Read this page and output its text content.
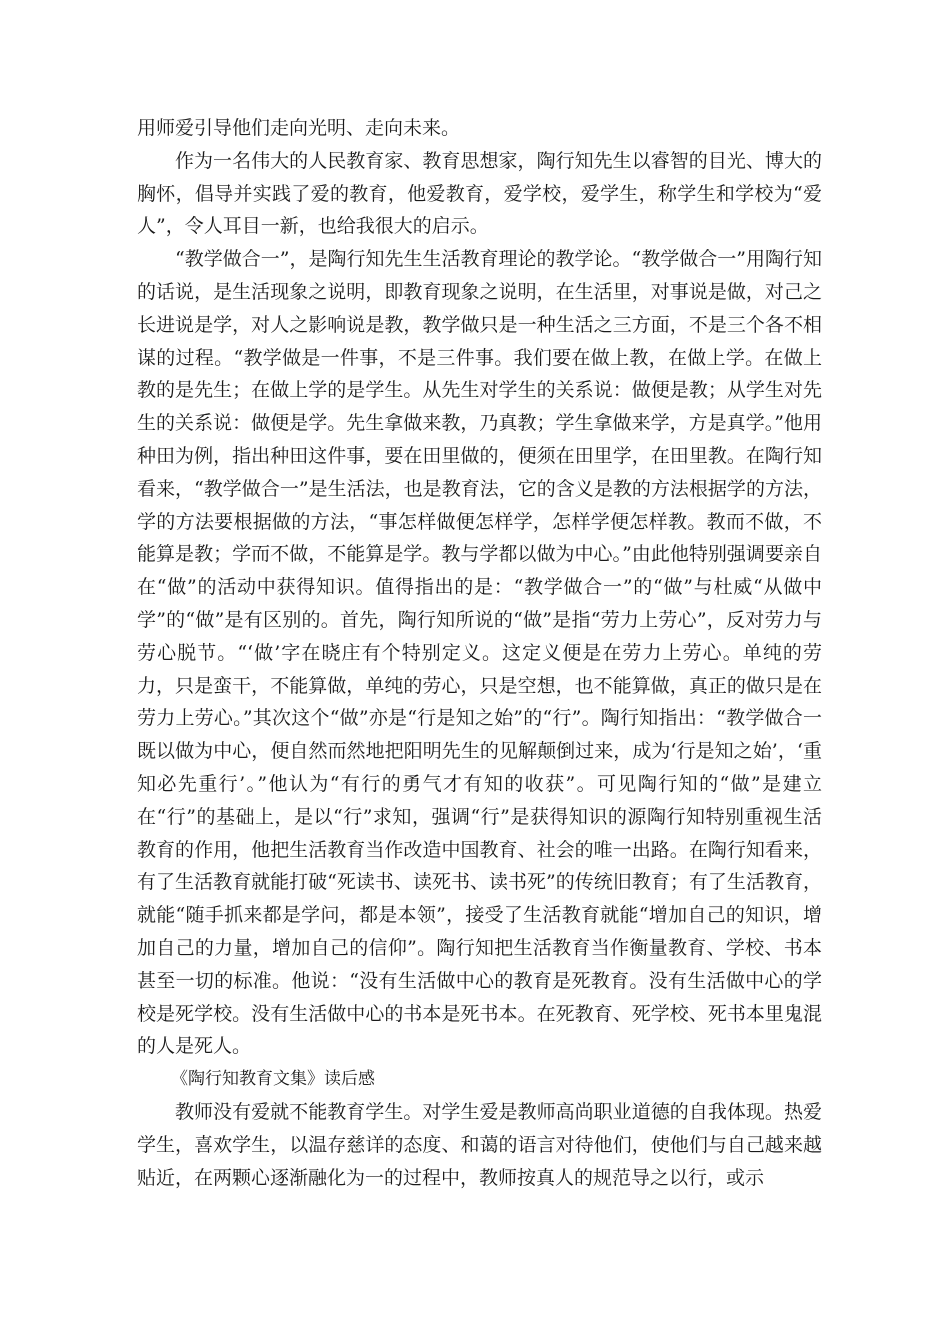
用师爱引导他们走向光明、走向未来。

作为一名伟大的人民教育家、教育思想家，陶行知先生以睿智的目光、博大的胸怀，倡导并实践了爱的教育，他爱教育，爱学校，爱学生，称学生和学校为“爱人”，令人耳目一新，也给我很大的启示。

“教学做合一”，是陶行知先生生活教育理论的教学论。“教学做合一”用陶行知的话说，是生活现象之说明，即教育现象之说明，在生活里，对事说是做，对己之长进说是学，对人之影响说是教，教学做只是一种生活之三方面，不是三个各不相谋的过程。“教学做是一件事，不是三件事。我们要在做上教，在做上学。在做上教的是先生；在做上学的是学生。从先生对学生的关系说：做便是教；从学生对先生的关系说：做便是学。先生拿做来教，乃真教；学生拿做来学，方是真学。”他用种田为例，指出种田这件事，要在田里做的，便须在田里学，在田里教。在陶行知看来，“教学做合一”是生活法，也是教育法，它的含义是教的方法根据学的方法，学的方法要根据做的方法，“事怎样做便怎样学，怎样学便怎样教。教而不做，不能算是教；学而不做，不能算是学。教与学都以做为中心。”由此他特别强调要亲自在“做”的活动中获得知识。值得指出的是：“教学做合一”的“做”与杜威“从做中学”的“做”是有区别的。首先，陶行知所说的“做”是指“劳力上劳心”，反对劳力与劳心脱节。“‘做’字在晓庄有个特别定义。这定义便是在劳力上劳心。单纯的劳力，只是蛮干，不能算做，单纯的劳心，只是空想，也不能算做，真正的做只是在劳力上劳心。”其次这个“做”亦是“行是知之始”的“行”。陶行知指出：“教学做合一既以做为中心，便自然而然地把阳明先生的见解颠倒过来，成为‘行是知之始’，‘重知必先重行’。”他认为“有行的勇气才有知的收获”。可见陶行知的“做”是建立在“行”的基础上，是以“行”求知，强调“行”是获得知识的源陶行知特别重视生活教育的作用，他把生活教育当作改造中国教育、社会的唯一出路。在陶行知看来，有了生活教育就能打破“死读书、读死书、读书死”的传统旧教育；有了生活教育，就能“随手抓来都是学问，都是本领”，接受了生活教育就能“增加自己的知识，增加自己的力量，增加自己的信仰”。陶行知把生活教育当作衡量教育、学校、书本甚至一切的标准。他说：“没有生活做中心的教育是死教育。没有生活做中心的学校是死学校。没有生活做中心的书本是死书本。在死教育、死学校、死书本里鬼混的人是死人。

《陶行知教育文集》读后感

教师没有爱就不能教育学生。对学生爱是教师高尚职业道德的自我体现。热爱学生，喜欢学生，以温存慈详的态度、和蔼的语言对待他们，使他们与自己越来越贴近，在两颗心逐渐融化为一的过程中，教师按真人的规范导之以行，或示
